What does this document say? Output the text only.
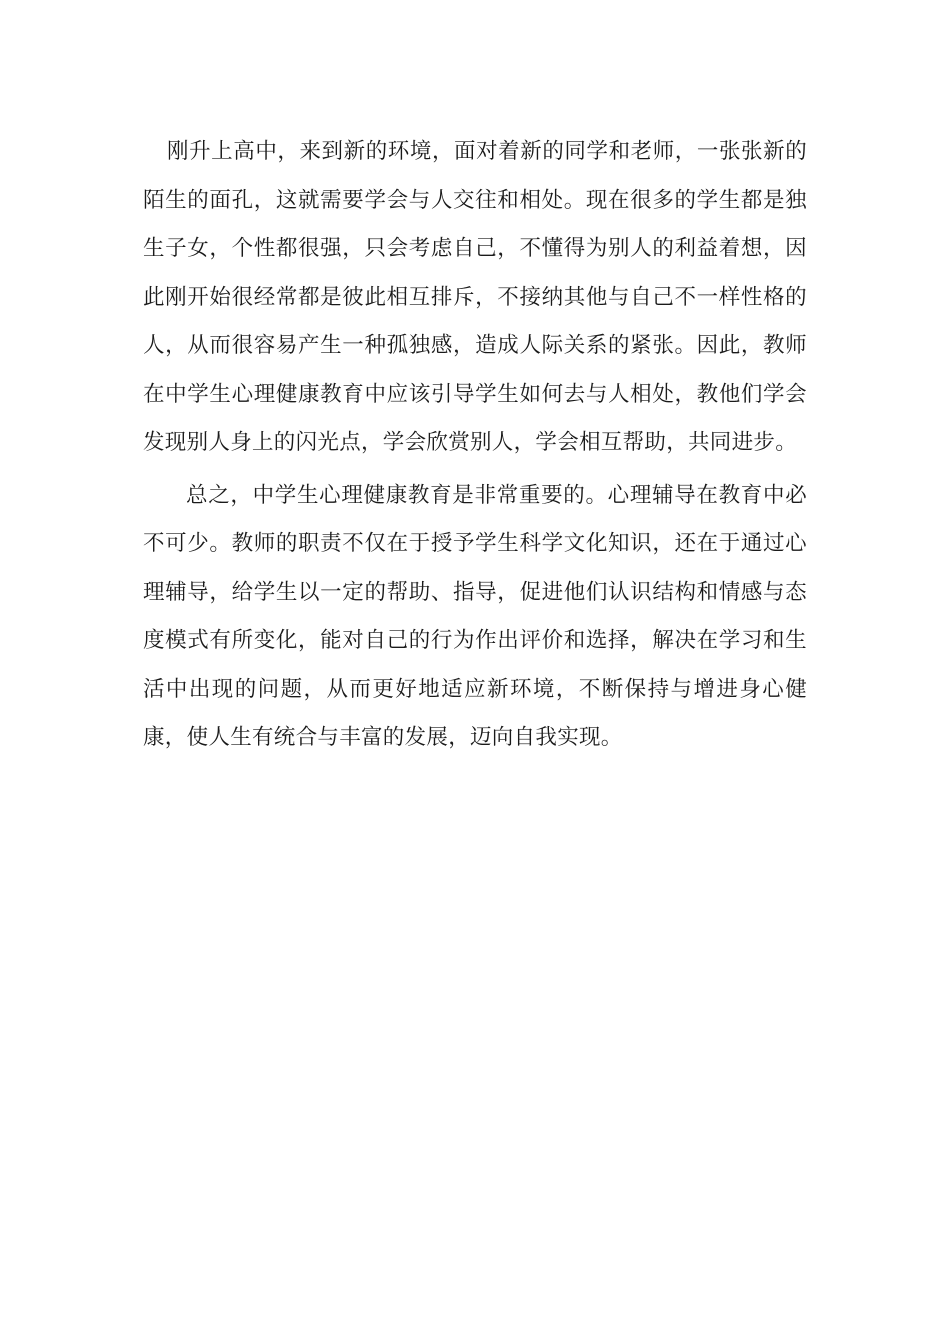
刚升上高中，来到新的环境，面对着新的同学和老师，一张张新的陌生的面孔，这就需要学会与人交往和相处。现在很多的学生都是独生子女，个性都很强，只会考虑自己，不懂得为别人的利益着想，因此刚开始很经常都是彼此相互排斥，不接纳其他与自己不一样性格的人，从而很容易产生一种孤独感，造成人际关系的紧张。因此，教师在中学生心理健康教育中应该引导学生如何去与人相处，教他们学会发现别人身上的闪光点，学会欣赏别人，学会相互帮助，共同进步。

总之，中学生心理健康教育是非常重要的。心理辅导在教育中必不可少。教师的职责不仅在于授予学生科学文化知识，还在于通过心理辅导，给学生以一定的帮助、指导，促进他们认识结构和情感与态度模式有所变化，能对自己的行为作出评价和选择，解决在学习和生活中出现的问题，从而更好地适应新环境，不断保持与增进身心健康，使人生有统合与丰富的发展，迈向自我实现。
